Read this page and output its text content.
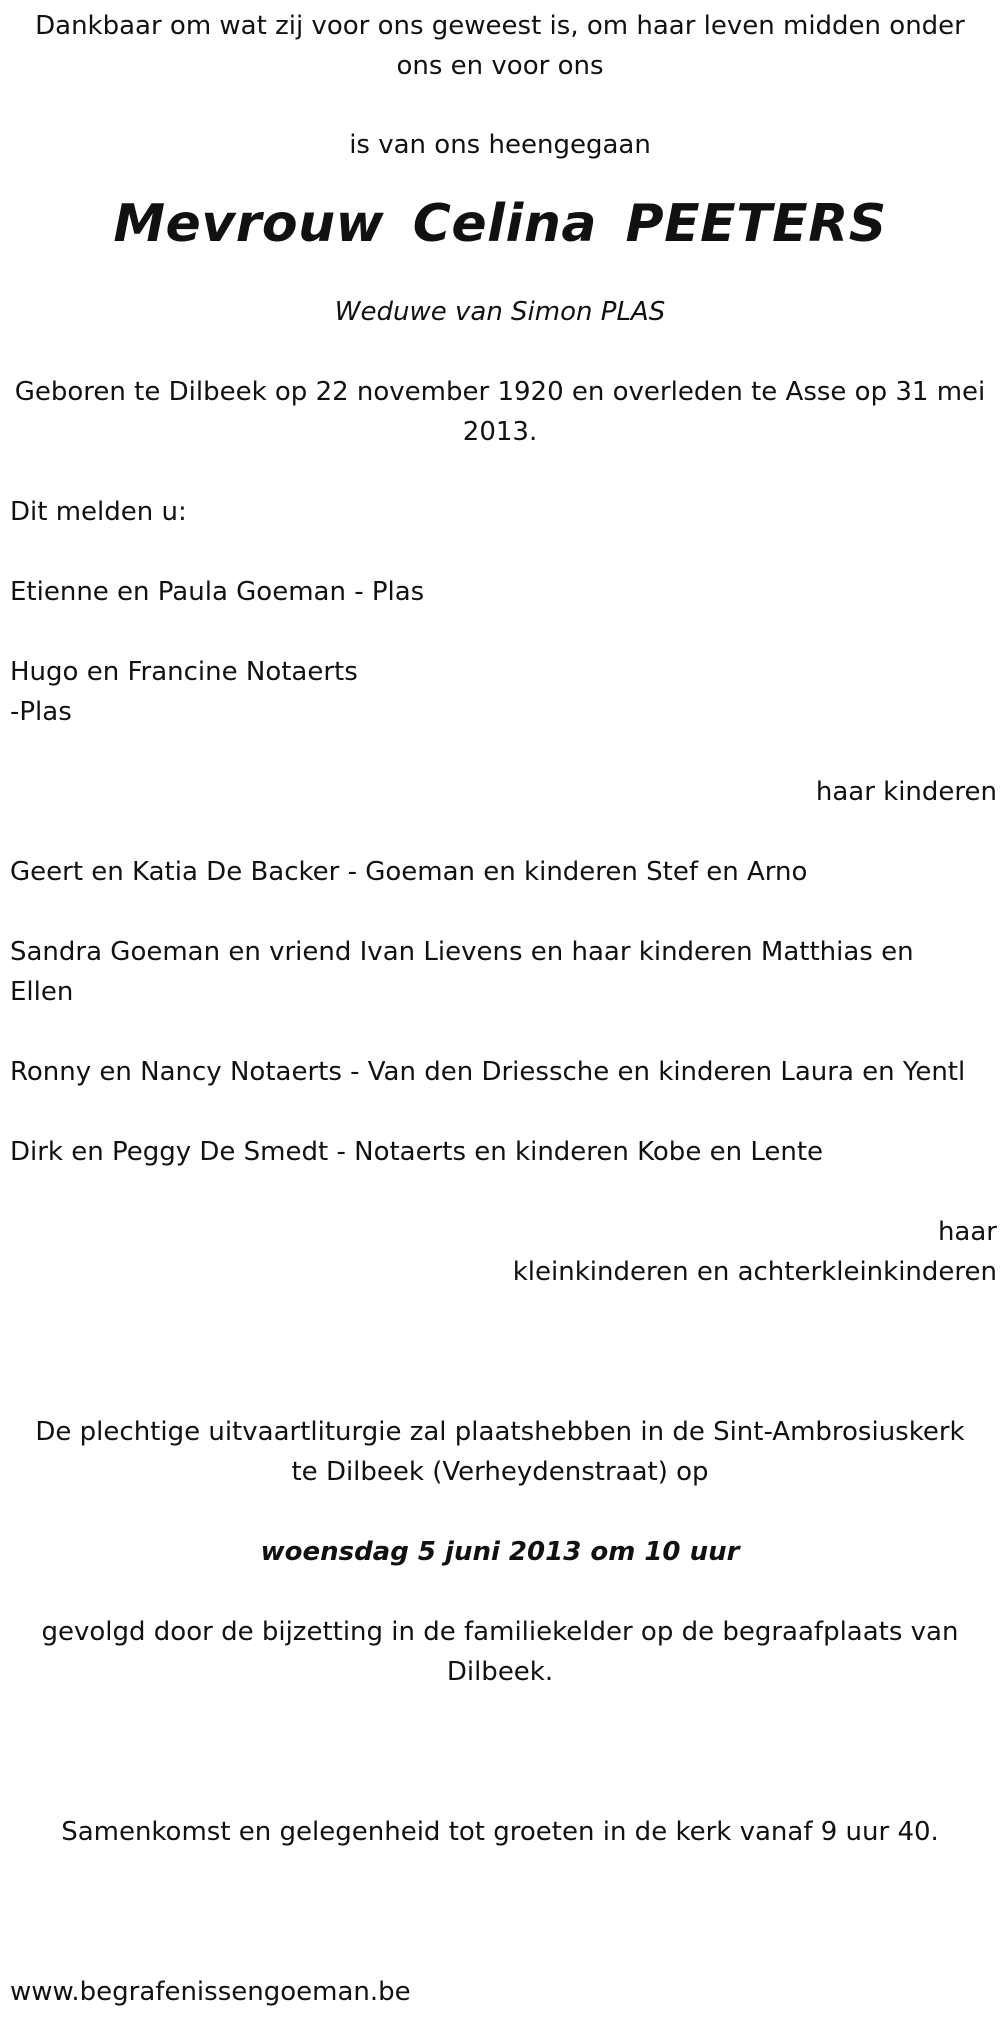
Dankbaar om wat zij voor ons geweest is, om haar leven midden onder

ons en voor ons

is van ons heengegaan

Mevrouw Celina PEETERS

Weduwe van Simon PLAS

Geboren te Dilbeek op 22 november 1920 en overleden te Asse op 31 mei

2013.

Dit melden u:

Etienne en Paula Goeman - Plas

Hugo en Francine Notaerts

-Plas

haar kinderen

Geert en Katia De Backer - Goeman en kinderen Stef en Arno

Sandra Goeman en vriend Ivan Lievens en haar kinderen Matthias en

Ellen

Ronny en Nancy Notaerts - Van den Driessche en kinderen Laura en Yentl

Dirk en Peggy De Smedt - Notaerts en kinderen Kobe en Lente

haar

kleinkinderen en achterkleinkinderen

De plechtige uitvaartliturgie zal plaatshebben in de Sint-Ambrosiuskerk

te Dilbeek (Verheydenstraat) op

woensdag 5 juni 2013 om 10 uur

gevolgd door de bijzetting in de familiekelder op de begraafplaats van

Dilbeek.

Samenkomst en gelegenheid tot groeten in de kerk vanaf 9 uur 40.

www.begrafenissengoeman.be
